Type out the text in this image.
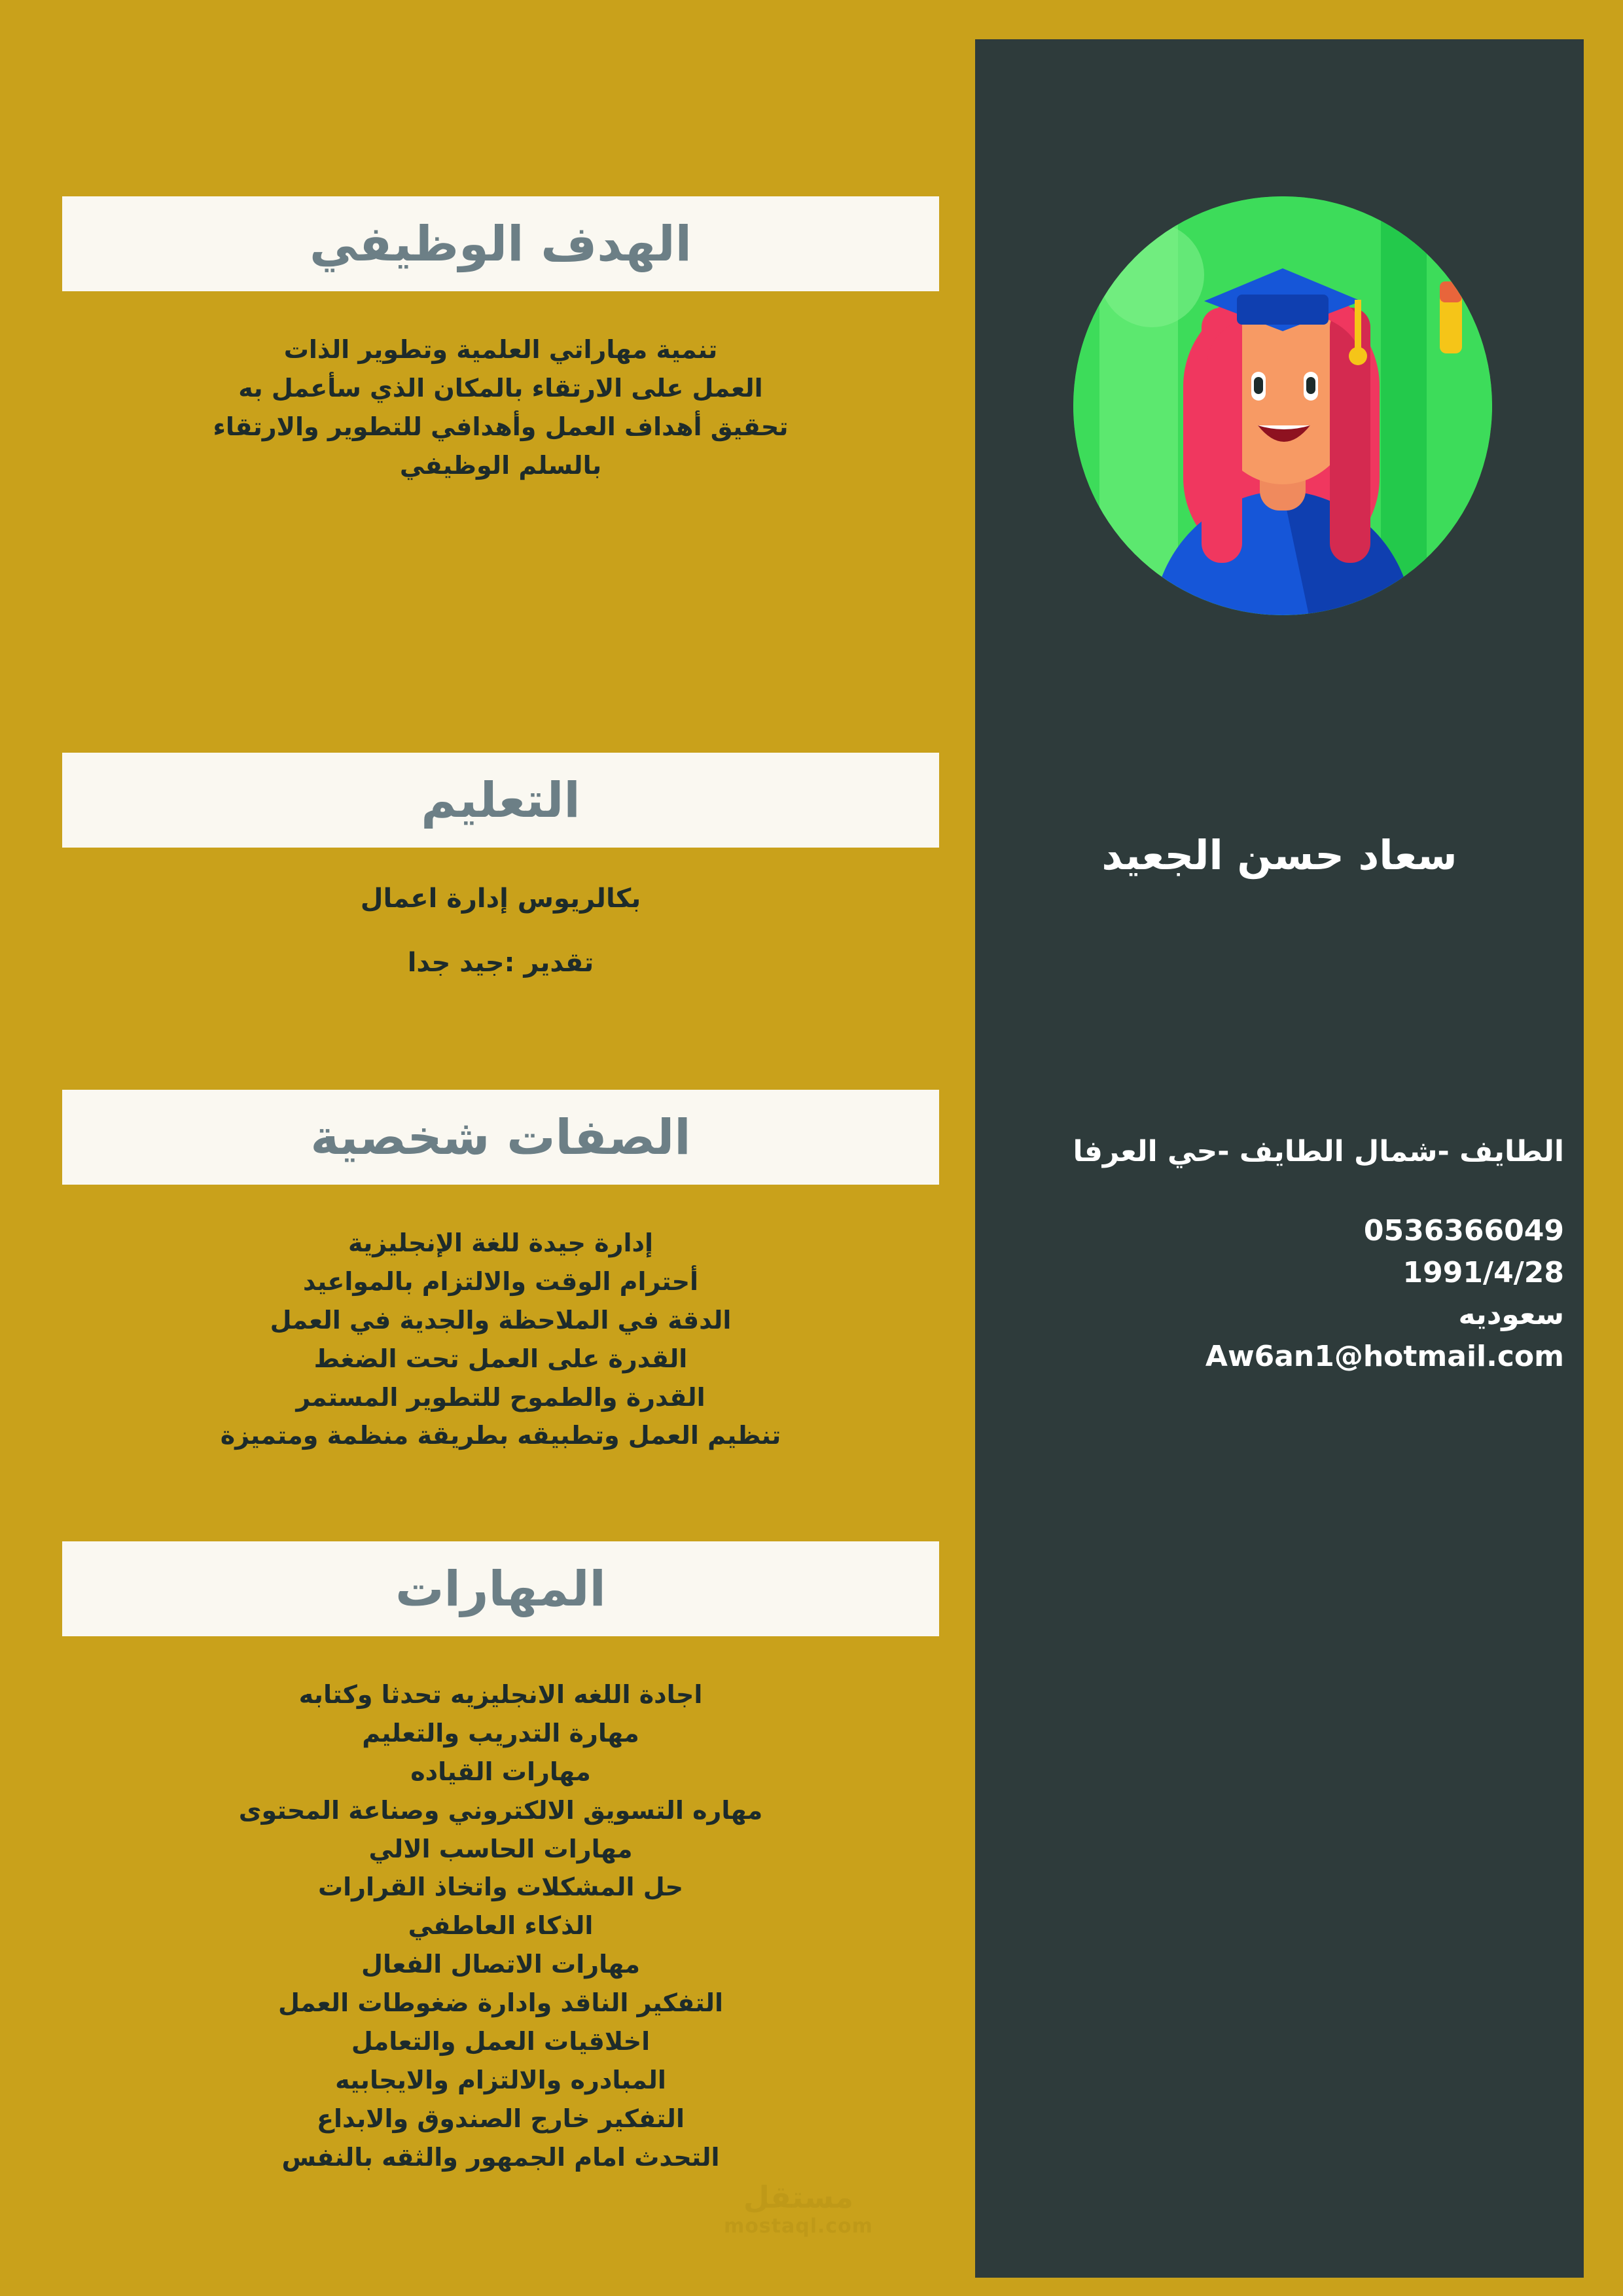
سعاد حسن الجعيد
الطايف -شمال الطايف -حي العرفا
0536366049
1991/4/28
سعوديه
Aw6an1@hotmail.com
الهدف الوظيفي
تنمية مهاراتي العلمية وتطوير الذات
العمل على الارتقاء بالمكان الذي سأعمل به
تحقيق أهداف العمل وأهدافي للتطوير والارتقاء
بالسلم الوظيفي
التعليم
بكالريوس إدارة اعمال
تقدير :جيد جدا
الصفات شخصية
إدارة جيدة للغة الإنجليزية
أحترام الوقت والالتزام بالمواعيد
الدقة في الملاحظة والجدية في العمل
القدرة على العمل تحت الضغط
القدرة والطموح للتطوير المستمر
تنظيم العمل وتطبيقه بطريقة منظمة ومتميزة
المهارات
اجادة اللغه الانجليزيه تحدثا وكتابه
مهارة التدريب والتعليم
مهارات القياده
مهاره التسويق الالكتروني وصناعة المحتوى
مهارات الحاسب الالي
حل المشكلات واتخاذ القرارات
الذكاء العاطفي
مهارات الاتصال الفعال
التفكير الناقد وادارة ضغوطات العمل
اخلاقيات العمل والتعامل
المبادره والالتزام والايجابيه
التفكير خارج الصندوق والابداع
التحدث امام الجمهور والثقه بالنفس
مستقل
mostaql.com
